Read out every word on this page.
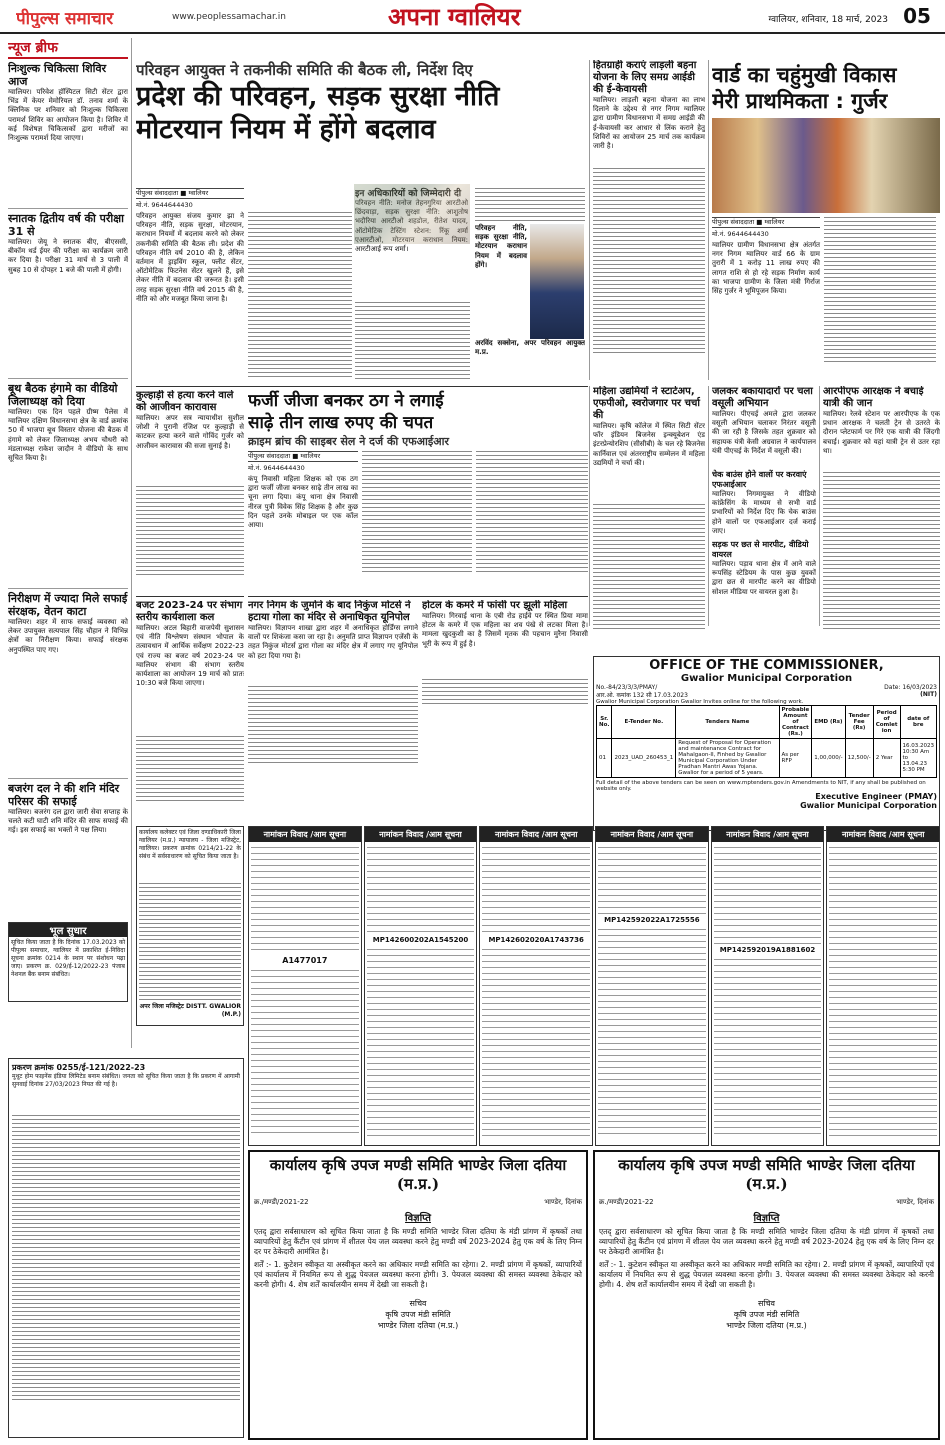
पीपुल्स समाचार	www.peoplessamachar.in	अपना ग्वालियर	ग्वालियर, शनिवार, 18 मार्च, 2023 05
न्यूज ब्रीफ
निःशुल्क चिकित्सा शिविर आज
ग्वालियर। परिवेश हॉस्पिटल सिटी सेंटर द्वारा भिंड में केयर मेमोरियल डॉ. तनाव शर्मा के क्लिनिक पर शनिवार को निःशुल्क चिकित्सा परामर्श शिविर का आयोजन किया है। शिविर में कई विशेषज्ञ चिकित्सकों द्वारा मरीजों का निःशुल्क परामर्श दिया जाएगा।
स्नातक द्वितीय वर्ष की परीक्षा 31 से
ग्वालियर। जेयू ने स्नातक बीए, बीएससी, बीकॉम थर्ड ईयर की परीक्षा का कार्यक्रम जारी कर दिया है। परीक्षा 31 मार्च से 3 पाली में सुबह 10 से दोपहर 1 बजे की पाली में होगी।
बूथ बैठक हंगामे का वीडियो जिलाध्यक्ष को दिया
ग्वालियर। एक दिन पहले ग्रीष्म पैलेस में ग्वालियर दक्षिण विधानसभा क्षेत्र के वार्ड क्रमांक 50 में भाजपा बूथ विस्तार योजना की बैठक में हंगामे को लेकर जिलाध्यक्ष अभय चौधरी को मंडलाध्यक्ष राकेश जादौन ने वीडियो के साथ सूचित किया है।
निरीक्षण में ज्यादा मिले सफाई संरक्षक, वेतन काटा
ग्वालियर। शहर में साफ सफाई व्यवस्था को लेकर उपायुक्त सत्यपाल सिंह चौहान ने विभिन्न क्षेत्रों का निरीक्षण किया। सफाई संरक्षक अनुपस्थित पाए गए।
बजरंग दल ने की शनि मंदिर परिसर की सफाई
ग्वालियर। बजरंग दल द्वारा जारी सेवा सप्ताह के चलते कटी घाटी शनि मंदिर की साफ सफाई की गई। इस सफाई का भक्तों ने पक्ष लिया।
भूल सुधार
सूचित किया जाता है कि दिनांक 17.03.2023 को पीपुल्स समाचार, ग्वालियर में प्रकाशित ई-निविदा सूचना क्रमांक 0214 के स्थान पर संशोधन पढ़ा जाए। प्रकरण क्र. 029/ई-12/2022-23 पंजाब नेशनल बैंक बनाम संबंधित।
परिवहन आयुक्त ने तकनीकी समिति की बैठक ली, निर्देश दिए
प्रदेश की परिवहन, सड़क सुरक्षा नीति
मोटरयान नियम में होंगे बदलाव
पीपुल्स संवाददाता ■ ग्वालियर
मो.नं. 9644644430
परिवहन आयुक्त संजय कुमार झा ने परिवहन नीति, सड़क सुरक्षा, मोटरयान, कराधान नियमों में बदलाव करने को लेकर तकनीकी समिति की बैठक ली। प्रदेश की परिवहन नीति वर्ष 2010 की है, लेकिन वर्तमान में ड्राइविंग स्कूल, फ्लीट सेंटर, ऑटोमेटिक फिटनेस सेंटर खुलने हैं, इसे लेकर नीति में बदलाव की जरूरत है। इसी तरह सड़क सुरक्षा नीति वर्ष 2015 की है, नीति को और मजबूत किया जाना है।
इन अधिकारियों को जिम्मेदारी दी
परिवहन नीति: मनोज तेहनगुरिया आरटीओ छिंदवाड़ा, सड़क सुरक्षा नीति: आशुतोष भदौरिया आरटीओ शहडोल, रीतेश यादव, ऑटोमेटिक टेस्टिंग स्टेशन: रिंकू शर्मा एआरटीओ, मोटरयान कराधान नियम: आरटीआई रूप शर्मा।
परिवहन नीति, सड़क सुरक्षा नीति, मोटरयान कराधान नियम में बदलाव होंगे।
अरविंद सक्सेना, अपर परिवहन आयुक्त म.प्र.
हितग्राही कराएं लाड़ली बहना योजना के लिए समग्र आईडी की ई-केवायसी
ग्वालियर। लाड़ली बहना योजना का लाभ दिलाने के उद्देश्य से नगर निगम ग्वालियर द्वारा ग्रामीण विधानसभा में समग्र आईडी की ई-केवायसी कर आधार से लिंक कराने हेतु शिविरों का आयोजन 25 मार्च तक कार्यक्रम जारी है।
वार्ड का चहुंमुखी विकास
मेरी प्राथमिकता : गुर्जर
पीपुल्स संवाददाता ■ ग्वालियर
मो.नं. 9644644430
ग्वालियर ग्रामीण विधानसभा क्षेत्र अंतर्गत नगर निगम ग्वालियर वार्ड 66 के ग्राम तुरारी में 1 करोड़ 11 लाख रुपए की लागत राशि से हो रहे सड़क निर्माण कार्य का भाजपा ग्रामीण के जिला मंत्री गिर्राज सिंह गुर्जर ने भूमिपूजन किया।
कुल्हाड़ी से हत्या करने वाले को आजीवन कारावास
ग्वालियर। अपर सत्र न्यायाधीश सुशील जोशी ने पुरानी रंजिश पर कुल्हाड़ी से काटकर हत्या करने वाले गोविंद गुर्जर को आजीवन कारावास की सजा सुनाई है।
फर्जी जीजा बनकर ठग ने लगाई
साढ़े तीन लाख रुपए की चपत
क्राइम ब्रांच की साइबर सेल ने दर्ज की एफआईआर
पीपुल्स संवाददाता ■ ग्वालियर
मो.नं. 9644644430
कंपू निवासी महिला शिक्षक को एक ठग द्वारा फर्जी जीजा बनकर साढ़े तीन लाख का चूना लगा दिया। कंपू थाना क्षेत्र निवासी नीरज पुत्री विवेक सिंह शिक्षक है और कुछ दिन पहले उनके मोबाइल पर एक कॉल आया।
महिला उद्यमियों ने स्टार्टअप, एफपीओ, स्वरोजगार पर चर्चा की
ग्वालियर। कृषि कॉलेज में स्थित सिटी सेंटर फॉर इंडियन बिजनेस इन्क्यूबेशन एंड इंटरप्रेन्योरशिप (सीसीबी) के चल रहे बिजनेस कार्निवाल एवं अंतरराष्ट्रीय सम्मेलन में महिला उद्यमियों ने चर्चा की।
जलकर बकायादारों पर चला वसूली अभियान
ग्वालियर। पीएचई अमले द्वारा जलकर वसूली अभियान चलाकर निरंतर वसूली की जा रही है जिसके तहत शुक्रवार को सहायक यंत्री केसी अग्रवाल ने कार्यपालन यंत्री पीएचई के निर्देश में वसूली की।
चेक बाउंस होने वालों पर करवाएं एफआईआर
ग्वालियर। निगमायुक्त ने वीडियो कांफ्रेंसिंग के माध्यम से सभी वार्ड प्रभारियों को निर्देश दिए कि चेक बाउंस होने वालों पर एफआईआर दर्ज कराई जाए।
सड़क पर छत से मारपीट, वीडियो वायरल
ग्वालियर। पड़ाव थाना क्षेत्र में आने वाले रूपसिंह स्टेडियम के पास कुछ युवकों द्वारा छत से मारपीट करने का वीडियो सोशल मीडिया पर वायरल हुआ है।
आरपीएफ आरक्षक ने बचाई यात्री की जान
ग्वालियर। रेलवे स्टेशन पर आरपीएफ के एक प्रधान आरक्षक ने चलती ट्रेन से उतरते के दौरान प्लेटफार्म पर गिरे एक यात्री की जिंदगी बचाई। शुक्रवार को यहां यात्री ट्रेन से उतर रहा था।
बजट 2023-24 पर संभाग स्तरीय कार्यशाला कल
ग्वालियर। अटल बिहारी वाजपेयी सुशासन एवं नीति विश्लेषण संस्थान भोपाल के तत्वावधान में आर्थिक सर्वेक्षण 2022-23 एवं राज्य का बजट वर्ष 2023-24 पर ग्वालियर संभाग की संभाग स्तरीय कार्यशाला का आयोजन 19 मार्च को प्रातः 10:30 बजे किया जाएगा।
नगर निगम के जुर्माने के बाद निकुंज मोटर्स ने हटाया गोला का मंदिर से अनाधिकृत यूनिपोल
ग्वालियर। विज्ञापन शाखा द्वारा शहर में अनाधिकृत होर्डिंग्स लगाने वालों पर शिकंजा कसा जा रहा है। अनुमति प्राप्त विज्ञापन एजेंसी के तहत निकुंज मोटर्स द्वारा गोला का मंदिर क्षेत्र में लगाए गए यूनिपोल को हटा दिया गया है।
होटल के कमरे में फांसी पर झूली महिला
ग्वालियर। गिरवाई थाना के एबी रोड हाईवे पर स्थित प्रिया मामा होटल के कमरे में एक महिला का शव पंखे से लटका मिला है। मामला खुदकुशी का है जिसमें मृतक की पहचान मुरैना निवासी भूरी के रूप में हुई है।
कार्यालय कलेक्टर एवं जिला दण्डाधिकारी जिला ग्वालियर (म.प्र.) न्यायालय - जिला मजिस्ट्रेट, ग्वालियर। प्रकरण क्रमांक 0214/21-22 के संबंध में सर्वसाधारण को सूचित किया जाता है।
अपर जिला मजिस्ट्रेट DISTT. GWALIOR (M.P.)
OFFICE OF THE COMMISSIONER,
Gwalior Municipal Corporation
No.-84/23/3/3/PMAY/	Date: 16/03/2023
आर.ओ. कमांक 132 सी 17.03.2023	(NIT)
Gwalior Municipal Corporation Gwalior Invites online for the following work.
Sr. No.	E-Tender No.	Tenders Name	Probable Amount of Contract (Rs.)	EMD (Rs)	Tender Fee (Rs)	Period of Comlet ion	date of bre
01	2023_UAD_260453_1	Request of Proposal for Operation and maintenance Contract for Mahalgaon-II, Finhed by Gwalior Municipal Corporation Under Pradhan Mantri Awas Yojana. Gwalior for a period of 5 years.	As per RFP	1,00,000/-	12,500/-	2 Year	16.03.2023 10:30 Am to 13.04.23 5:30 PM
Full detail of the above tenders can be seen on www.mptenders.gov.in Amendments to NIT, if any shall be published on website only.
Executive Engineer (PMAY)
Gwalior Municipal Corporation
नामांकन विवाद /आम सूचना
A1477017
नामांकन विवाद /आम सूचना
MP142600202A1545200
नामांकन विवाद /आम सूचना
MP142602020A1743736
नामांकन विवाद /आम सूचना
MP142592022A1725556
नामांकन विवाद /आम सूचना
MP142592019A1881602
नामांकन विवाद /आम सूचना
प्रकरण क्रमांक 0255/ई-121/2022-23
मुथूट होम फाइनेंस इंडिया लिमिटेड बनाम संबंधित। जनता को सूचित किया जाता है कि प्रकरण में आगामी सुनवाई दिनांक 27/03/2023 नियत की गई है।
कार्यालय कृषि उपज मण्डी समिति भाण्डेर जिला दतिया (म.प्र.)
क्र./मण्डी/2021-22	भाण्डेर, दिनांक
विज्ञप्ति
एतद् द्वारा सर्वसाधारण को सूचित किया जाता है कि मण्डी समिति भाण्डेर जिला दतिया के मंडी प्रांगण में कृषकों तथा व्यापारियों हेतु कैंटीन एवं प्रांगण में शीतल पेय जल व्यवस्था करने हेतु मण्डी वर्ष 2023-2024 हेतु एक वर्ष के लिए निम्न दर पर ठेकेदारी आमंत्रित है।
शर्तें :- 1. कुटेशन स्वीकृत या अस्वीकृत करने का अधिकार मण्डी समिति का रहेगा। 2. मण्डी प्रांगण में कृषकों, व्यापारियों एवं कार्यालय में नियमित रूप से शुद्ध पेयजल व्यवस्था करना होगी। 3. पेयजल व्यवस्था की समस्त व्यवस्था ठेकेदार को करनी होगी। 4. शेष शर्तें कार्यालयीन समय में देखी जा सकती है।
सचिव
कृषि उपज मंडी समिति
भाण्डेर जिला दतिया (म.प्र.)
कार्यालय कृषि उपज मण्डी समिति भाण्डेर जिला दतिया (म.प्र.)
क्र./मण्डी/2021-22	भाण्डेर, दिनांक
विज्ञप्ति
एतद् द्वारा सर्वसाधारण को सूचित किया जाता है कि मण्डी समिति भाण्डेर जिला दतिया के मंडी प्रांगण में कृषकों तथा व्यापारियों हेतु कैंटीन एवं प्रांगण में शीतल पेय जल व्यवस्था करने हेतु मण्डी वर्ष 2023-2024 हेतु एक वर्ष के लिए निम्न दर पर ठेकेदारी आमंत्रित है।
शर्तें :- 1. कुटेशन स्वीकृत या अस्वीकृत करने का अधिकार मण्डी समिति का रहेगा। 2. मण्डी प्रांगण में कृषकों, व्यापारियों एवं कार्यालय में नियमित रूप से शुद्ध पेयजल व्यवस्था करना होगी। 3. पेयजल व्यवस्था की समस्त व्यवस्था ठेकेदार को करनी होगी। 4. शेष शर्तें कार्यालयीन समय में देखी जा सकती है।
सचिव
कृषि उपज मंडी समिति
भाण्डेर जिला दतिया (म.प्र.)
